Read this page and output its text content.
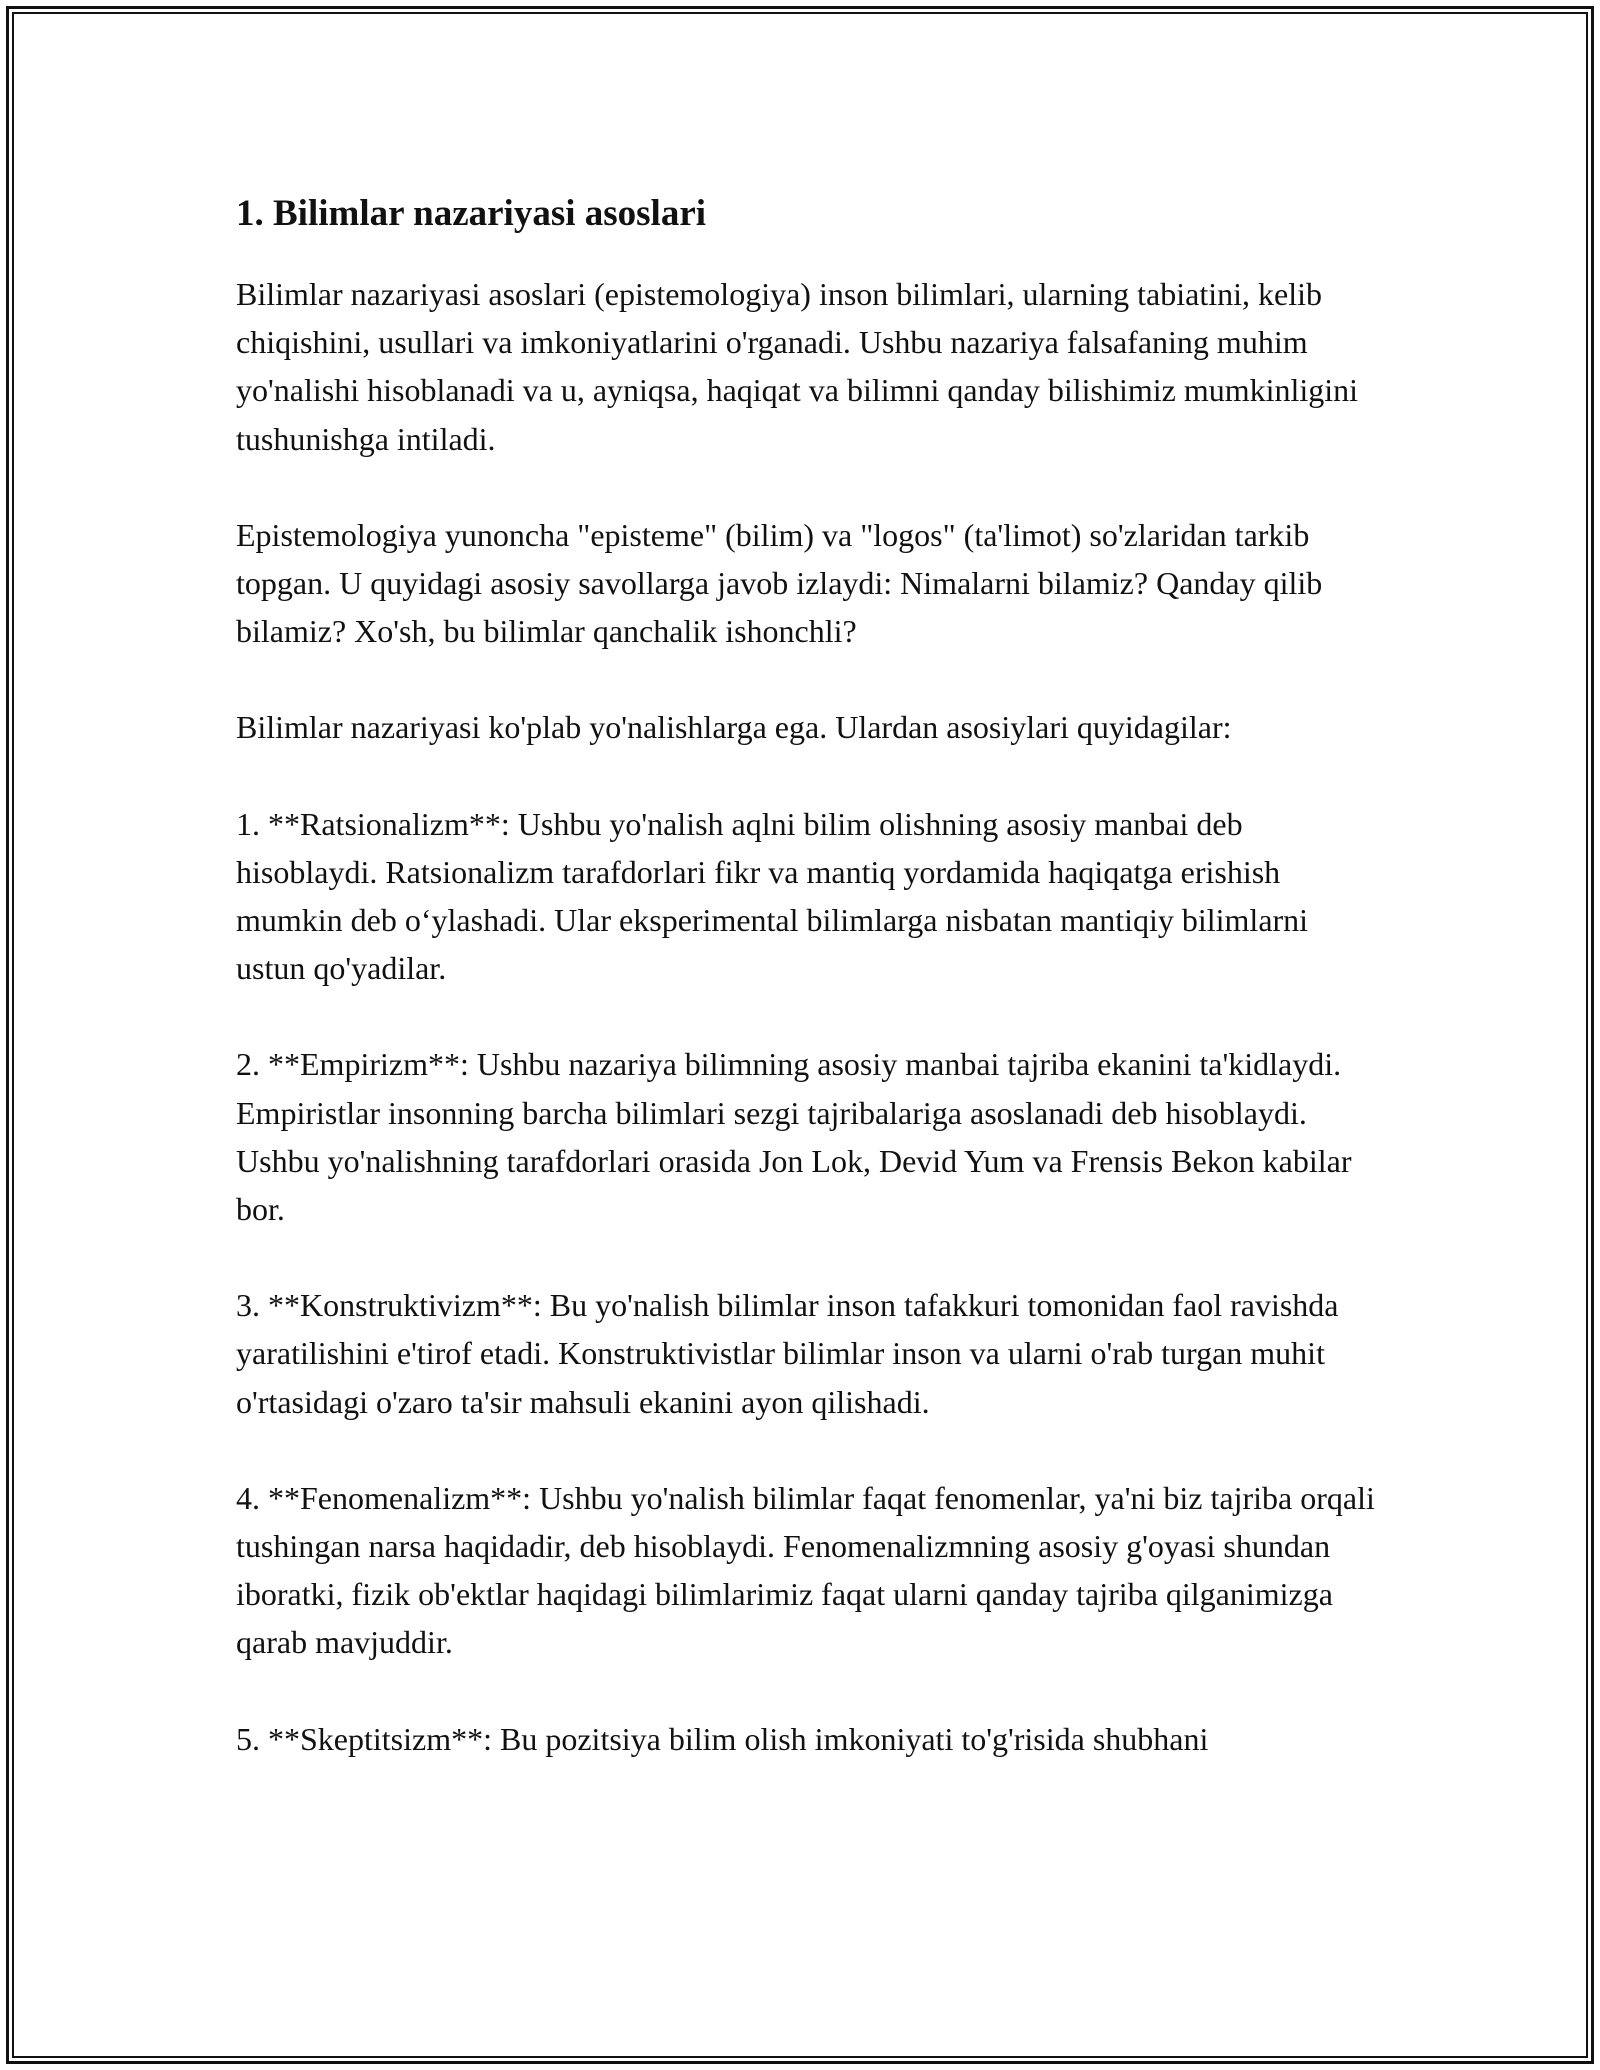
1. Bilimlar nazariyasi asoslari

Bilimlar nazariyasi asoslari (epistemologiya) inson bilimlari, ularning tabiatini, kelib chiqishini, usullari va imkoniyatlarini o'rganadi. Ushbu nazariya falsafaning muhim yo'nalishi hisoblanadi va u, ayniqsa, haqiqat va bilimni qanday bilishimiz mumkinligini tushunishga intiladi.

Epistemologiya yunoncha "episteme" (bilim) va "logos" (ta'limot) so'zlaridan tarkib topgan. U quyidagi asosiy savollarga javob izlaydi: Nimalarni bilamiz? Qanday qilib bilamiz? Xo'sh, bu bilimlar qanchalik ishonchli?

Bilimlar nazariyasi ko'plab yo'nalishlarga ega. Ulardan asosiylari quyidagilar:

1. **Ratsionalizm**: Ushbu yo'nalish aqlni bilim olishning asosiy manbai deb hisoblaydi. Ratsionalizm tarafdorlari fikr va mantiq yordamida haqiqatga erishish mumkin deb o‘ylashadi. Ular eksperimental bilimlarga nisbatan mantiqiy bilimlarni ustun qo'yadilar.

2. **Empirizm**: Ushbu nazariya bilimning asosiy manbai tajriba ekanini ta'kidlaydi. Empiristlar insonning barcha bilimlari sezgi tajribalariga asoslanadi deb hisoblaydi. Ushbu yo'nalishning tarafdorlari orasida Jon Lok, Devid Yum va Frensis Bekon kabilar bor.

3. **Konstruktivizm**: Bu yo'nalish bilimlar inson tafakkuri tomonidan faol ravishda yaratilishini e'tirof etadi. Konstruktivistlar bilimlar inson va ularni o'rab turgan muhit o'rtasidagi o'zaro ta'sir mahsuli ekanini ayon qilishadi.

4. **Fenomenalizm**: Ushbu yo'nalish bilimlar faqat fenomenlar, ya'ni biz tajriba orqali tushingan narsa haqidadir, deb hisoblaydi. Fenomenalizmning asosiy g'oyasi shundan iboratki, fizik ob'ektlar haqidagi bilimlarimiz faqat ularni qanday tajriba qilganimizga qarab mavjuddir.

5. **Skeptitsizm**: Bu pozitsiya bilim olish imkoniyati to'g'risida shubhani
